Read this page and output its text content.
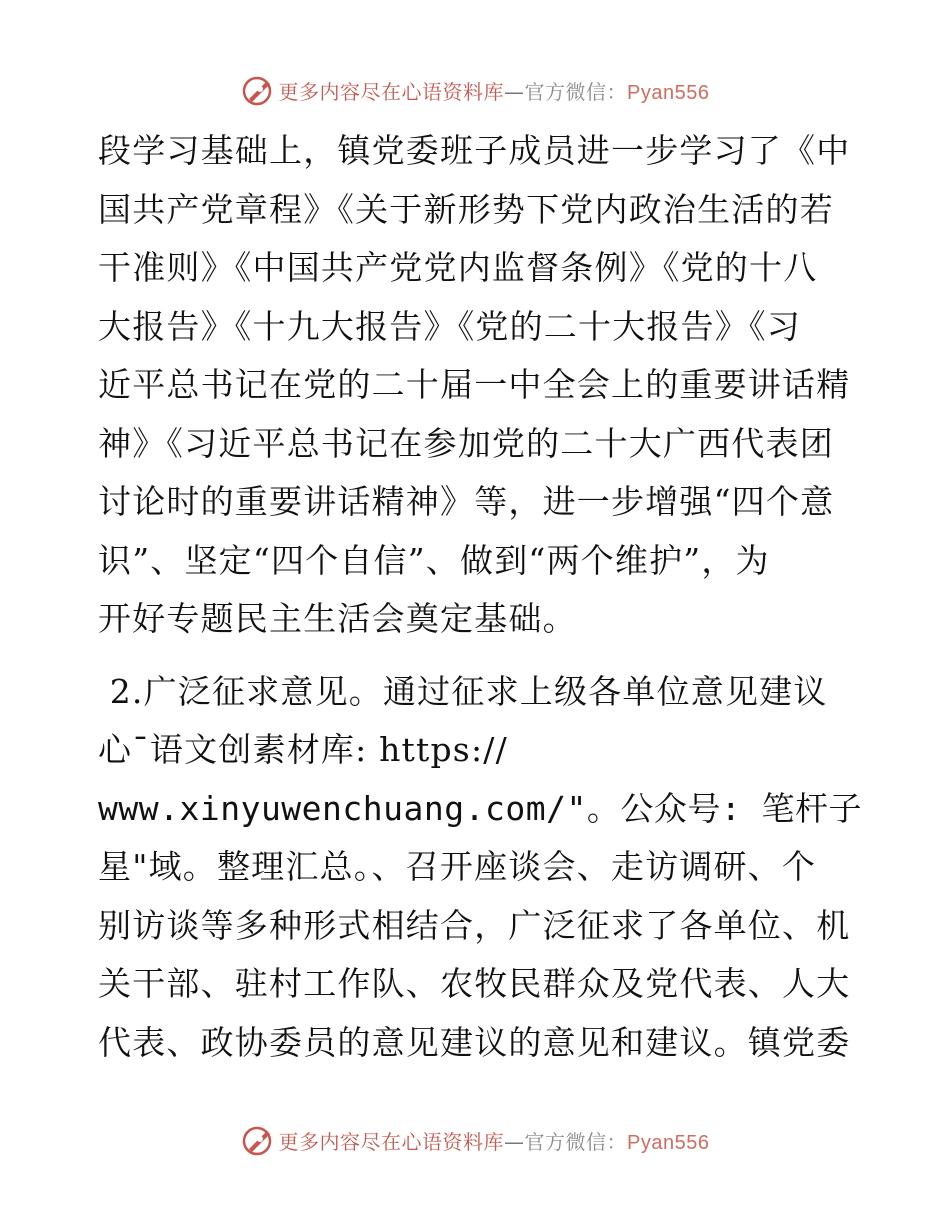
更多内容尽在心语资料库—官方微信：Pyan556
段学习基础上，镇党委班子成员进一步学习了《中
国共产党章程》《关于新形势下党内政治生活的若
干准则》《中国共产党党内监督条例》《党的十八
大报告》《十九大报告》《党的二十大报告》《习
近平总书记在党的二十届一中全会上的重要讲话精
神》《习近平总书记在参加党的二十大广西代表团
讨论时的重要讲话精神》等，进一步增强“四个意
识”、坚定“四个自信”、做到“两个维护”，为
开好专题民主生活会奠定基础。
2.广泛征求意见。通过征求上级各单位意见建议
心¯语文创素材库: https://
www.xinyuwenchuang.com/"。公众号: 笔杆子
星"域。整理汇总。、召开座谈会、走访调研、个
别访谈等多种形式相结合，广泛征求了各单位、机
关干部、驻村工作队、农牧民群众及党代表、人大
代表、政协委员的意见建议的意见和建议。镇党委
更多内容尽在心语资料库—官方微信：Pyan556
